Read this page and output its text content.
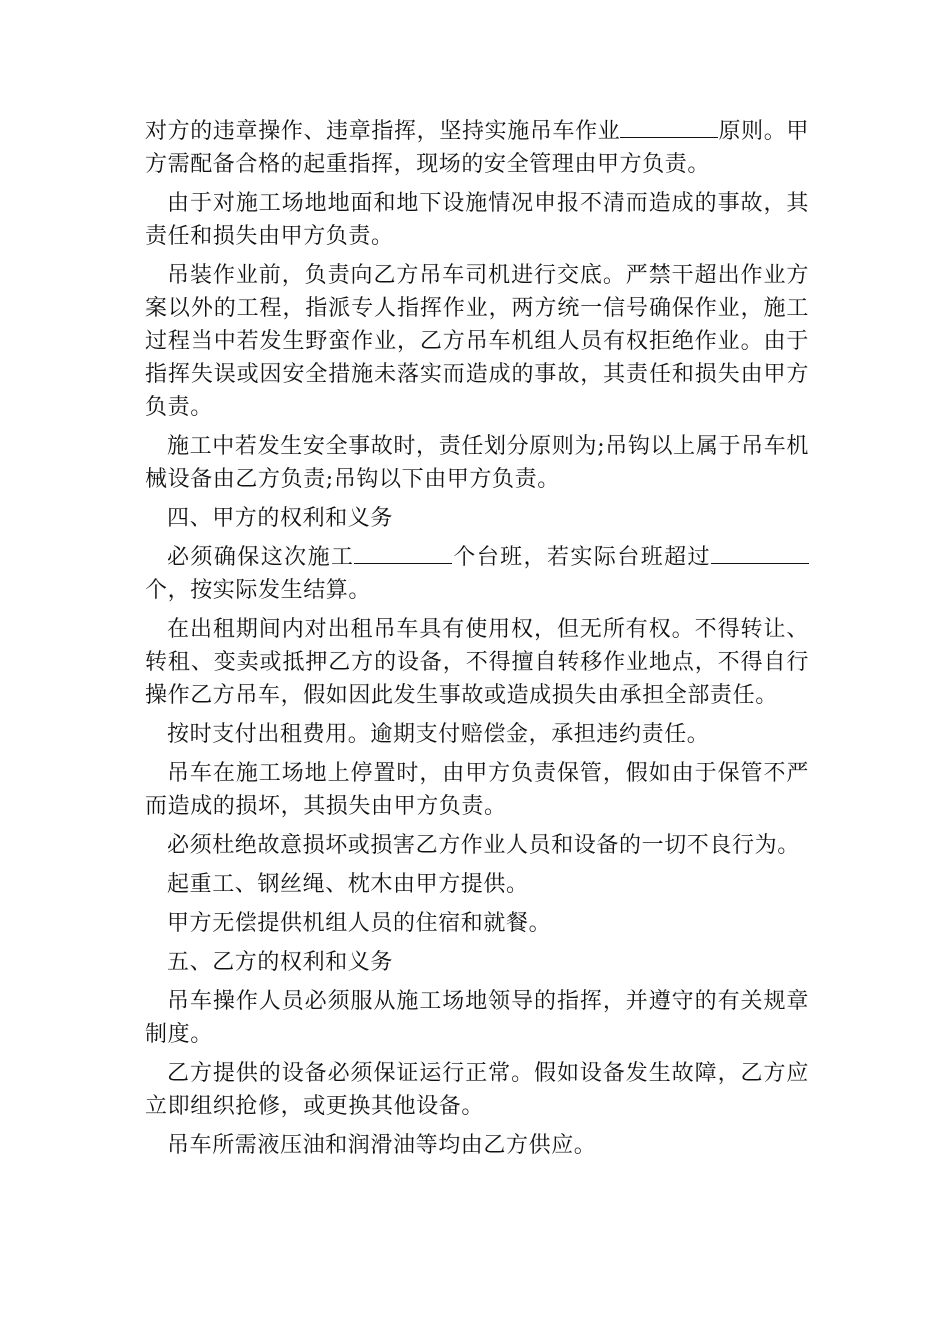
对方的违章操作、违章指挥，坚持实施吊车作业	原则。甲方需配备合格的起重指挥，现场的安全管理由甲方负责。

由于对施工场地地面和地下设施情况申报不清而造成的事故，其责任和损失由甲方负责。

吊装作业前，负责向乙方吊车司机进行交底。严禁干超出作业方案以外的工程，指派专人指挥作业，两方统一信号确保作业，施工过程当中若发生野蛮作业，乙方吊车机组人员有权拒绝作业。由于指挥失误或因安全措施未落实而造成的事故，其责任和损失由甲方负责。

施工中若发生安全事故时，责任划分原则为;吊钩以上属于吊车机械设备由乙方负责;吊钩以下由甲方负责。

四、甲方的权利和义务

必须确保这次施工	个台班，若实际台班超过个，按实际发生结算。

在出租期间内对出租吊车具有使用权，但无所有权。不得转让、转租、变卖或抵押乙方的设备，不得擅自转移作业地点，不得自行操作乙方吊车，假如因此发生事故或造成损失由承担全部责任。

按时支付出租费用。逾期支付赔偿金，承担违约责任。

吊车在施工场地上停置时，由甲方负责保管，假如由于保管不严而造成的损坏，其损失由甲方负责。

必须杜绝故意损坏或损害乙方作业人员和设备的一切不良行为。

起重工、钢丝绳、枕木由甲方提供。

甲方无偿提供机组人员的住宿和就餐。

五、乙方的权利和义务

吊车操作人员必须服从施工场地领导的指挥，并遵守的有关规章制度。

乙方提供的设备必须保证运行正常。假如设备发生故障，乙方应立即组织抢修，或更换其他设备。

吊车所需液压油和润滑油等均由乙方供应。
